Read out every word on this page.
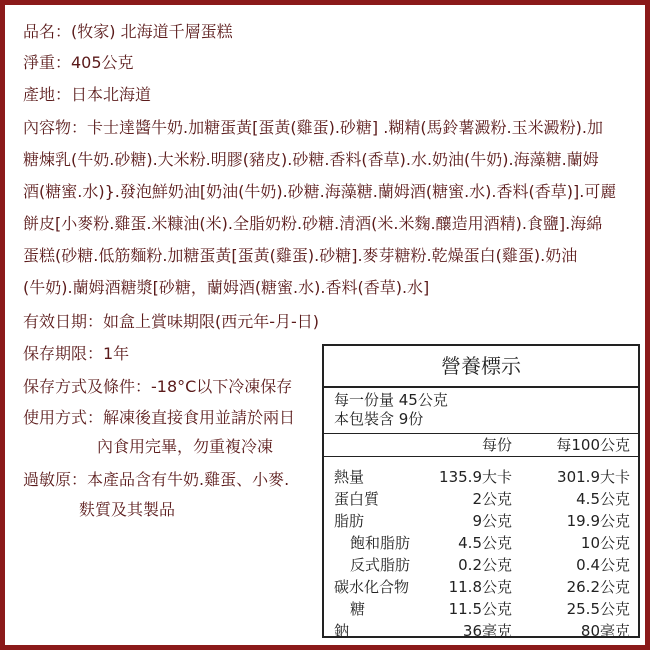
品名：(牧家) 北海道千層蛋糕
淨重：405公克
產地：日本北海道
內容物：卡士達醬牛奶.加糖蛋黃[蛋黃(雞蛋).砂糖] .糊精(馬鈴薯澱粉.玉米澱粉).加
糖煉乳(牛奶.砂糖).大米粉.明膠(豬皮).砂糖.香料(香草).水.奶油(牛奶).海藻糖.蘭姆
酒(糖蜜.水)}.發泡鮮奶油[奶油(牛奶).砂糖.海藻糖.蘭姆酒(糖蜜.水).香料(香草)].可麗
餅皮[小麥粉.雞蛋.米糠油(米).全脂奶粉.砂糖.清酒(米.米麴.釀造用酒精).食鹽].海綿
蛋糕(砂糖.低筋麵粉.加糖蛋黃[蛋黃(雞蛋).砂糖].麥芽糖粉.乾燥蛋白(雞蛋).奶油
(牛奶).蘭姆酒糖漿[砂糖，蘭姆酒(糖蜜.水).香料(香草).水]
有效日期：如盒上賞味期限(西元年-月-日)
保存期限：1年
保存方式及條件：-18°C以下冷凍保存
使用方式：解凍後直接食用並請於兩日
內食用完畢，勿重複冷凍
過敏原：本產品含有牛奶.雞蛋、小麥.
麩質及其製品
營養標示
每一份量 45公克
本包裝含 9份
每份	每100公克
熱量	135.9大卡	301.9大卡
蛋白質	2公克	4.5公克
脂肪	9公克	19.9公克
飽和脂肪	4.5公克	10公克
反式脂肪	0.2公克	0.4公克
碳水化合物	11.8公克	26.2公克
糖	11.5公克	25.5公克
鈉	36毫克	80毫克
